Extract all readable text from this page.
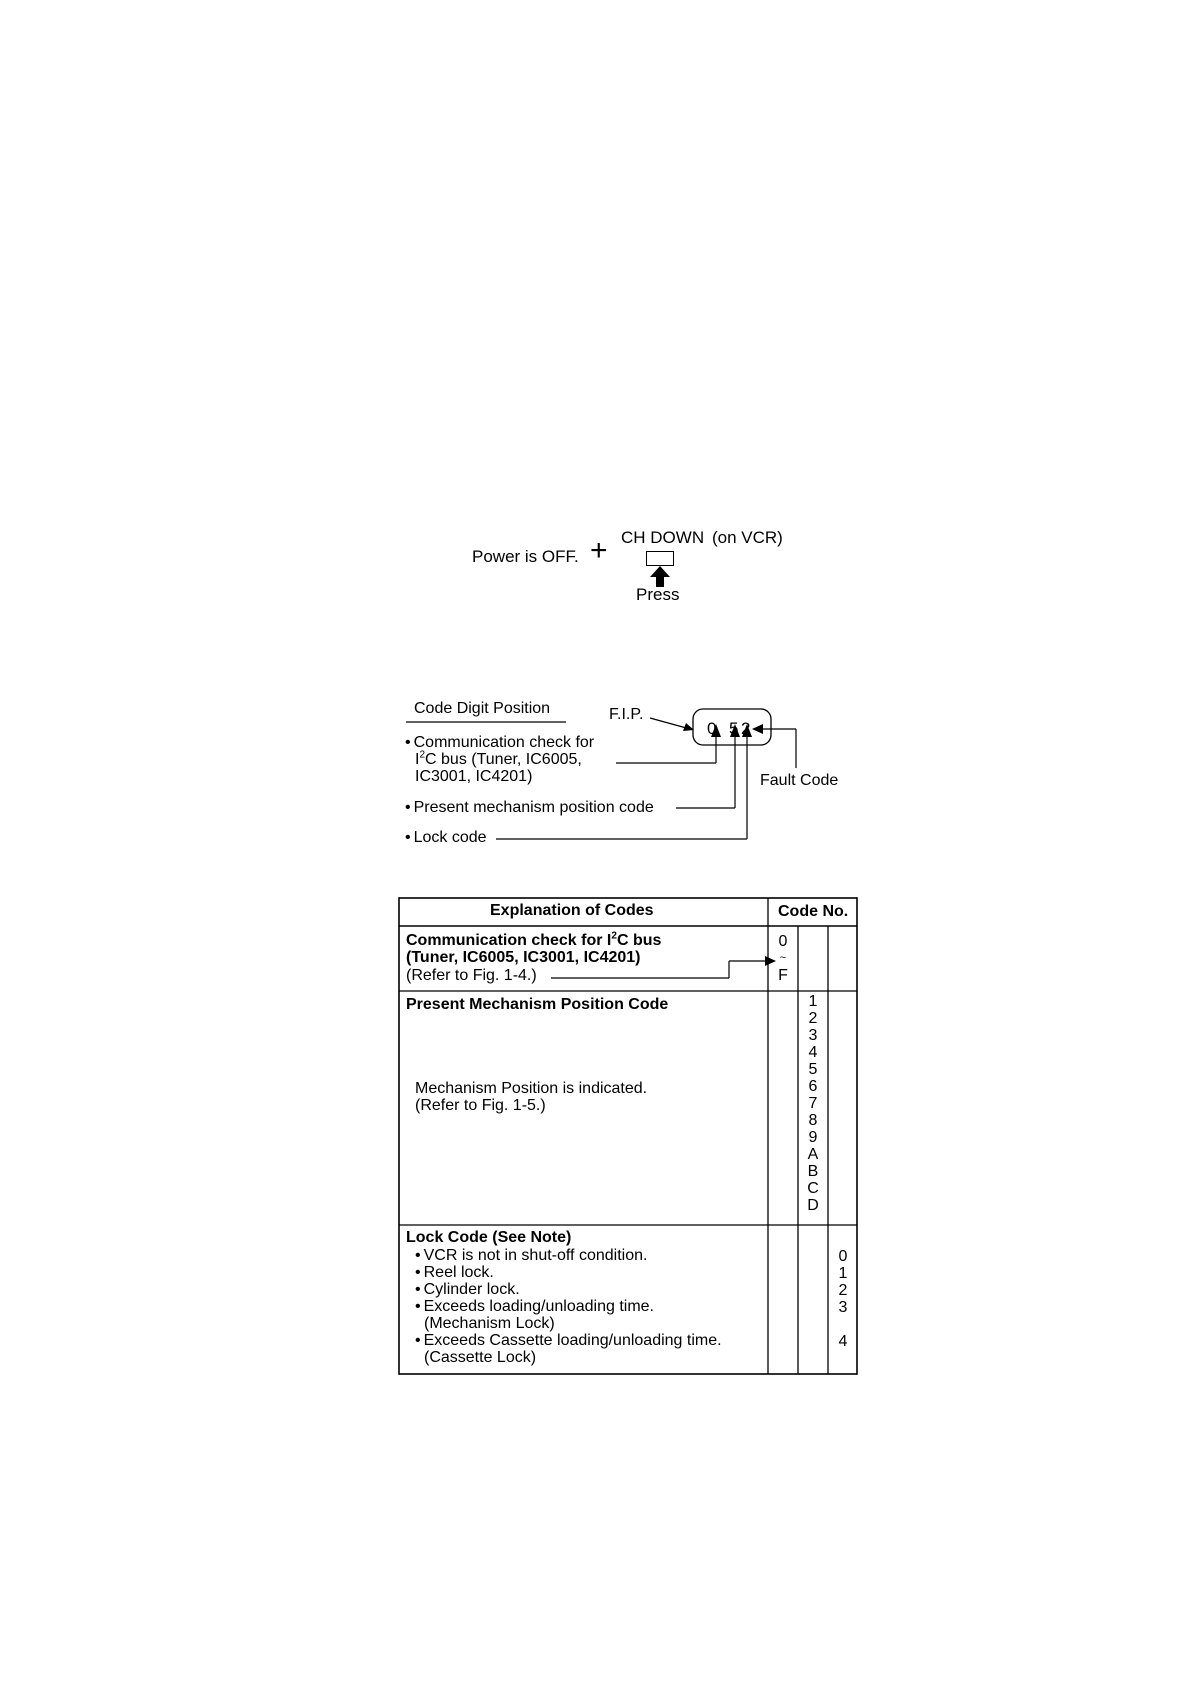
Power is OFF. + CH DOWN (on VCR)
Press
Code Digit Position	F.I.P.
0 5 2
Fault Code
• Communication check for
$I^2C$ bus (Tuner, IC6005,
IC3001, IC4201)
• Present mechanism position code
• Lock code
Explanation of Codes	Code No.
Communication check for $I^2C$ bus
(Tuner, IC6005, IC3001, IC4201)
(Refer to Fig. 1-4.)
0
~
F
Present Mechanism Position Code
Mechanism Position is indicated.
(Refer to Fig. 1-5.)
1
2
3
4
5
6
7
8
9
A
B
C
D
Lock Code (See Note)
• VCR is not in shut-off condition.
• Reel lock.
• Cylinder lock.
• Exceeds loading/unloading time.
(Mechanism Lock)
• Exceeds Cassette loading/unloading time.
(Cassette Lock)
0
1
2
3
4
